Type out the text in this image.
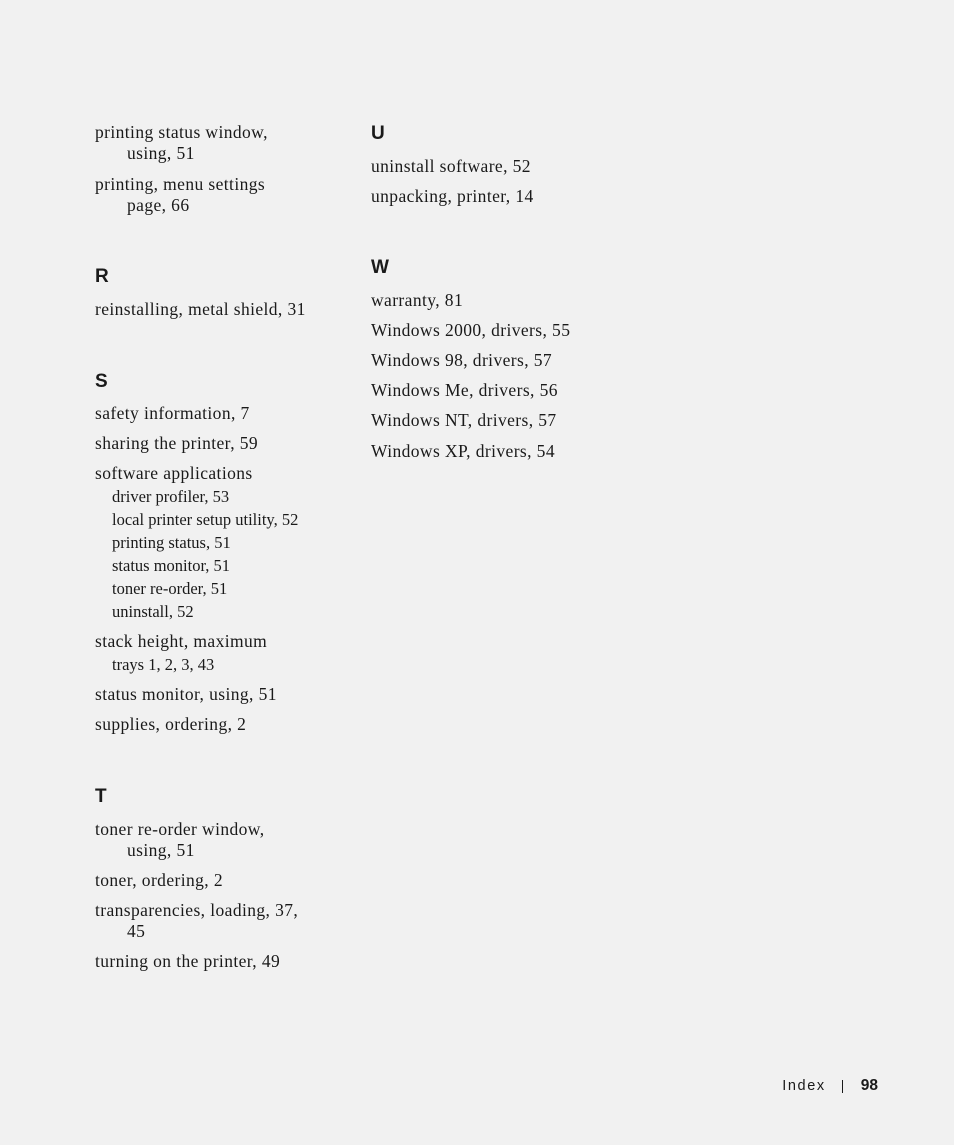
printing status window,
using, 51
printing, menu settings
page, 66
R
reinstalling, metal shield, 31
S
safety information, 7
sharing the printer, 59
software applications
driver profiler, 53
local printer setup utility, 52
printing status, 51
status monitor, 51
toner re-order, 51
uninstall, 52
stack height, maximum
trays 1, 2, 3, 43
status monitor, using, 51
supplies, ordering, 2
T
toner re-order window,
using, 51
toner, ordering, 2
transparencies, loading, 37,
45
turning on the printer, 49
U
uninstall software, 52
unpacking, printer, 14
W
warranty, 81
Windows 2000, drivers, 55
Windows 98, drivers, 57
Windows Me, drivers, 56
Windows NT, drivers, 57
Windows XP, drivers, 54
Index 98
